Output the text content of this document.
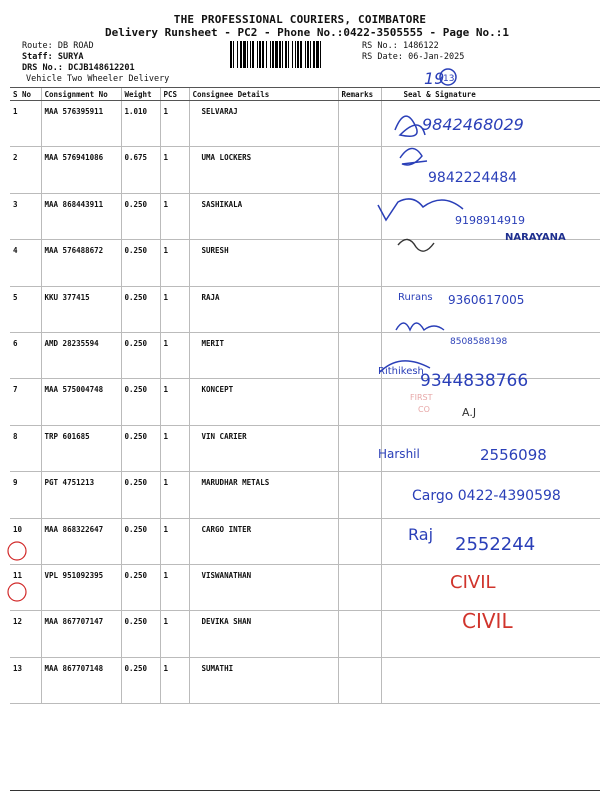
THE PROFESSIONAL COURIERS, COIMBATORE
Delivery Runsheet - PC2 - Phone No.:0422-3505555 - Page No.:1
Route: DB ROAD
Staff: SURYA
DRS No.: DCJB148612201
Vehicle Two Wheeler Delivery
RS No.: 1486122
RS Date: 06-Jan-2025
S No	Consignment No	Weight	PCS	Consignee Details	Remarks	Seal & Signature
1	MAA 576395911	1.010	1	SELVARAJ		
2	MAA 576941086	0.675	1	UMA LOCKERS		
3	MAA 868443911	0.250	1	SASHIKALA		
4	MAA 576488672	0.250	1	SURESH		
5	KKU 377415	0.250	1	RAJA		
6	AMD 28235594	0.250	1	MERIT		
7	MAA 575004748	0.250	1	KONCEPT		
8	TRP 601685	0.250	1	VIN CARIER		
9	PGT 4751213	0.250	1	MARUDHAR METALS		
10	MAA 868322647	0.250	1	CARGO INTER		
11	VPL 951092395	0.250	1	VISWANATHAN		
12	MAA 867707147	0.250	1	DEVIKA SHAN		
13	MAA 867707148	0.250	1	SUMATHI		
19
13
FIRST
CO
9842468029
9842224484
9198914919
NARAYANA
9360617005
8508588198
9344838766
A.J
2556098
Cargo 0422-4390598
2552244
CIVIL
CIVIL
Harshil
Raj
Rithikesh
Rurans
